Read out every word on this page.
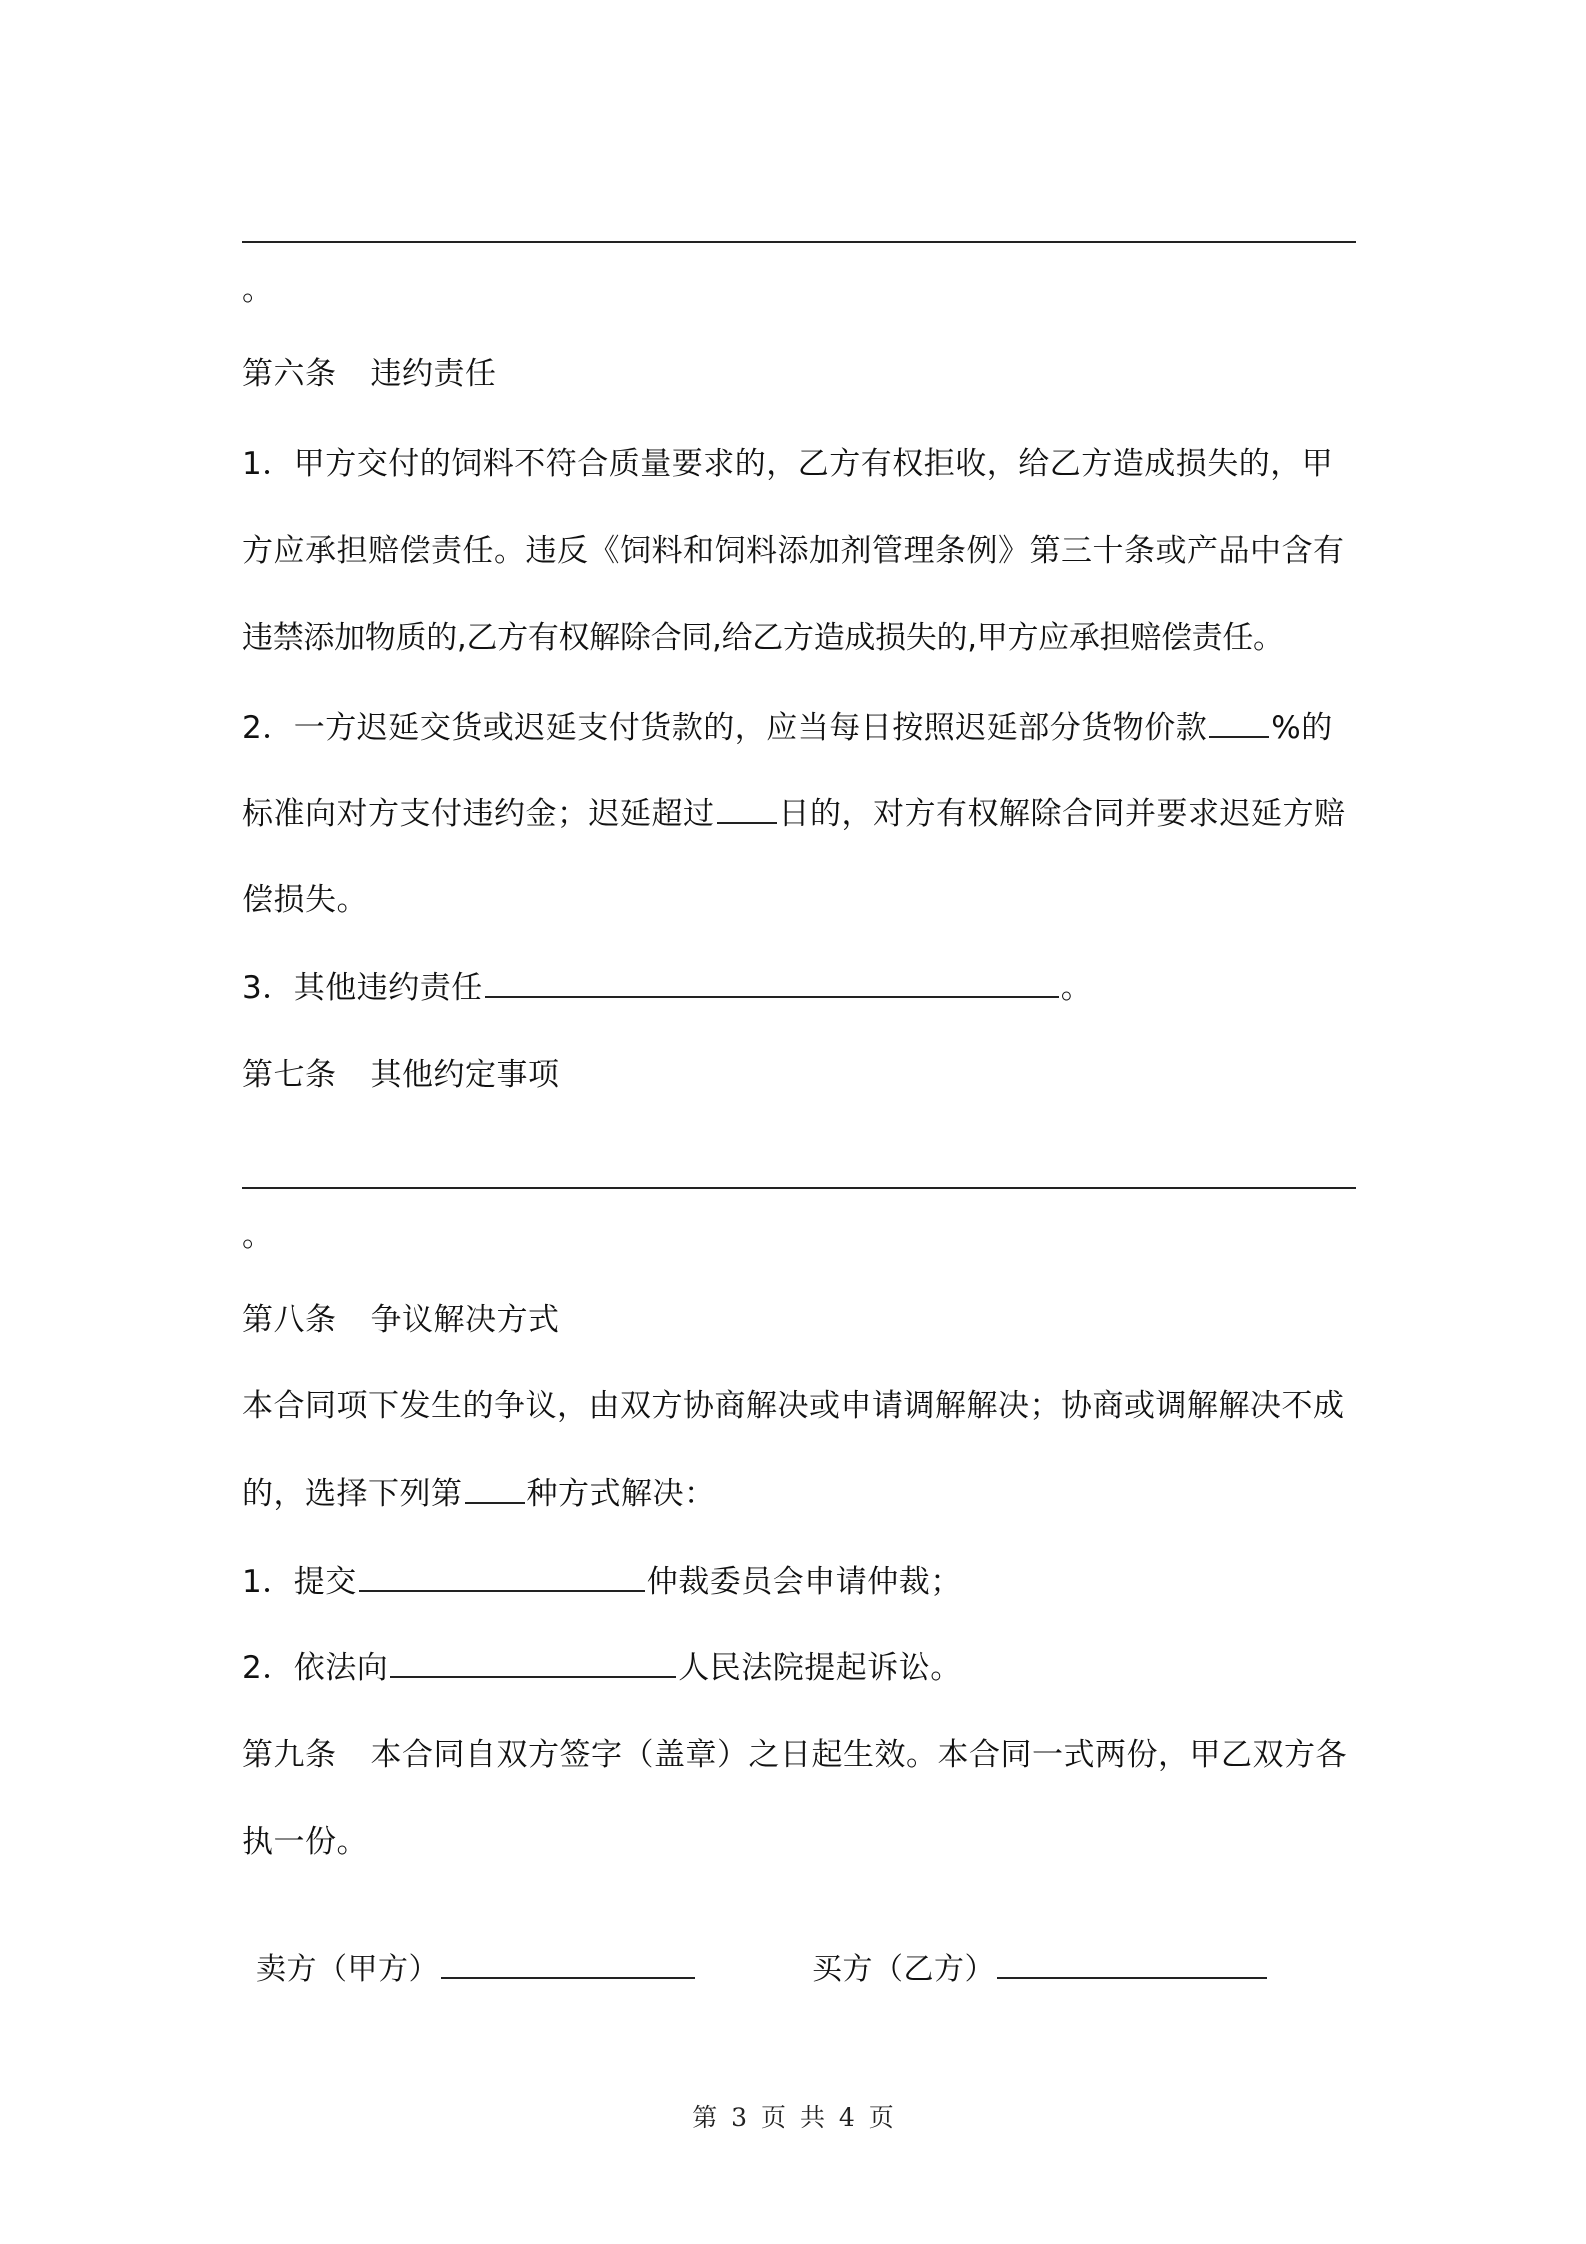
。
第六条 违约责任
1．甲方交付的饲料不符合质量要求的，乙方有权拒收，给乙方造成损失的，甲
方应承担赔偿责任。违反《饲料和饲料添加剂管理条例》第三十条或产品中含有
违禁添加物质的,乙方有权解除合同,给乙方造成损失的,甲方应承担赔偿责任。
2．一方迟延交货或迟延支付货款的，应当每日按照迟延部分货物价款 %的
标准向对方支付违约金；迟延超过 日的，对方有权解除合同并要求迟延方赔
偿损失。
3．其他违约责任	。
第七条 其他约定事项
。
第八条 争议解决方式
本合同项下发生的争议，由双方协商解决或申请调解解决；协商或调解解决不成
的，选择下列第 种方式解决：
1．提交	仲裁委员会申请仲裁；
2．依法向	人民法院提起诉讼。
第九条 本合同自双方签字（盖章）之日起生效。本合同一式两份，甲乙双方各
执一份。
卖方（甲方）	买方（乙方）
第 3 页 共 4 页
